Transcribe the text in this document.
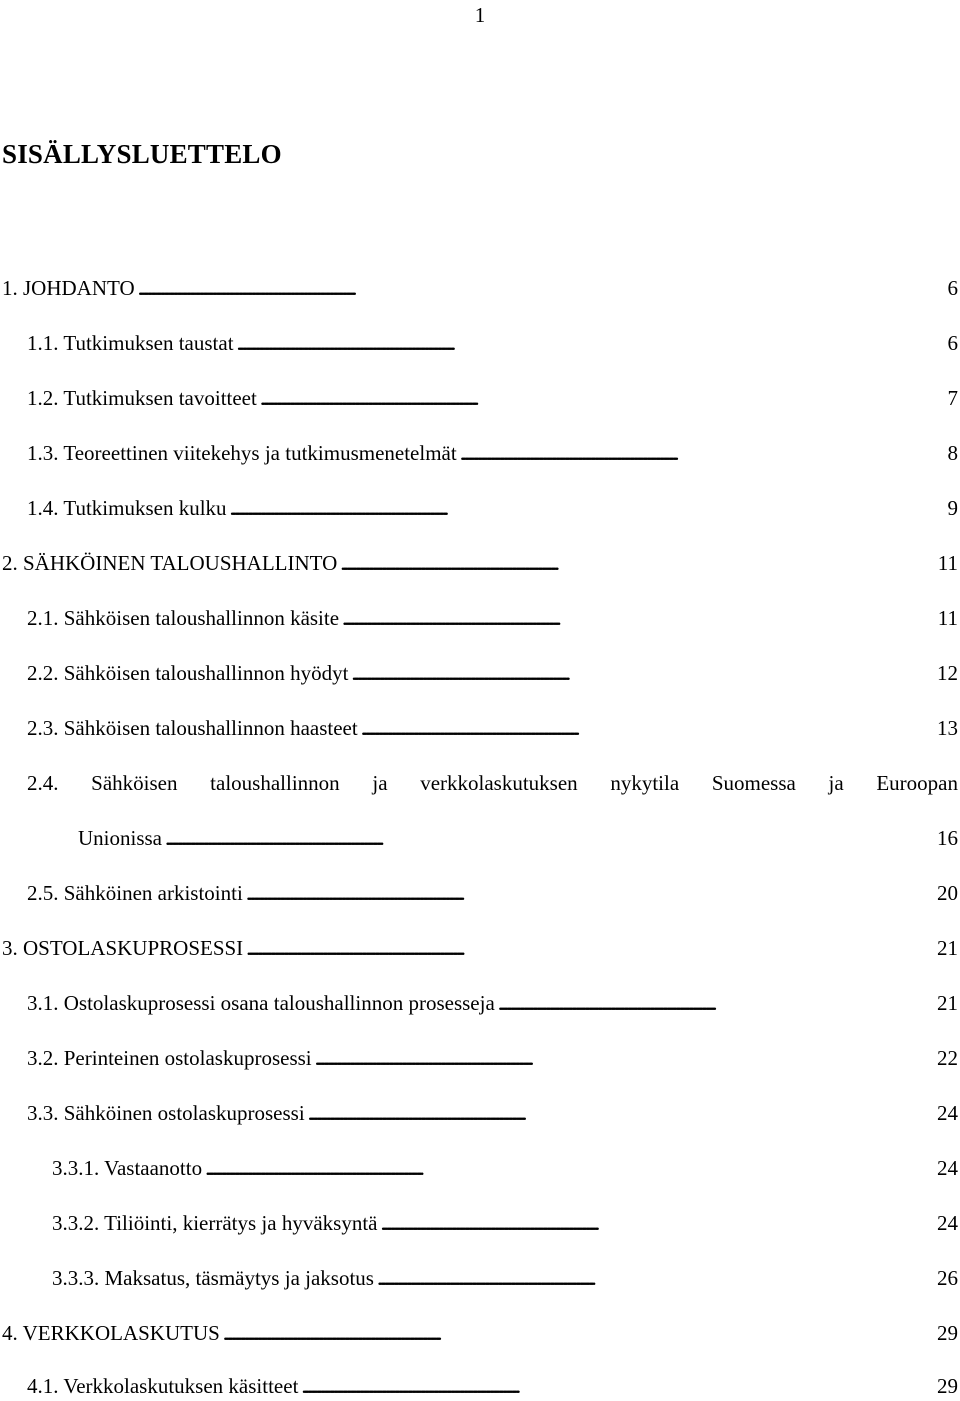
1
SISÄLLYSLUETTELO
1. JOHDANTO . . .	6
1.1. Tutkimuksen taustat . . .	6
1.2. Tutkimuksen tavoitteet . . .	7
1.3. Teoreettinen viitekehys ja tutkimusmenetelmät . . .	8
1.4. Tutkimuksen kulku . . .	9
2. SÄHKÖINEN TALOUSHALLINTO . . .	11
2.1. Sähköisen taloushallinnon käsite . . .	11
2.2. Sähköisen taloushallinnon hyödyt . . .	12
2.3. Sähköisen taloushallinnon haasteet . . .	13
2.4. Sähköisen taloushallinnon ja verkkolaskutuksen nykytila Suomessa ja Euroopan
Unionissa . . .	16
2.5. Sähköinen arkistointi . . .	20
3. OSTOLASKUPROSESSI . . .	21
3.1. Ostolaskuprosessi osana taloushallinnon prosesseja . . .	21
3.2. Perinteinen ostolaskuprosessi . . .	22
3.3. Sähköinen ostolaskuprosessi . . .	24
3.3.1. Vastaanotto . . .	24
3.3.2. Tiliöinti, kierrätys ja hyväksyntä . . .	24
3.3.3. Maksatus, täsmäytys ja jaksotus . . .	26
4. VERKKOLASKUTUS . . .	29
4.1. Verkkolaskutuksen käsitteet . . .	29
